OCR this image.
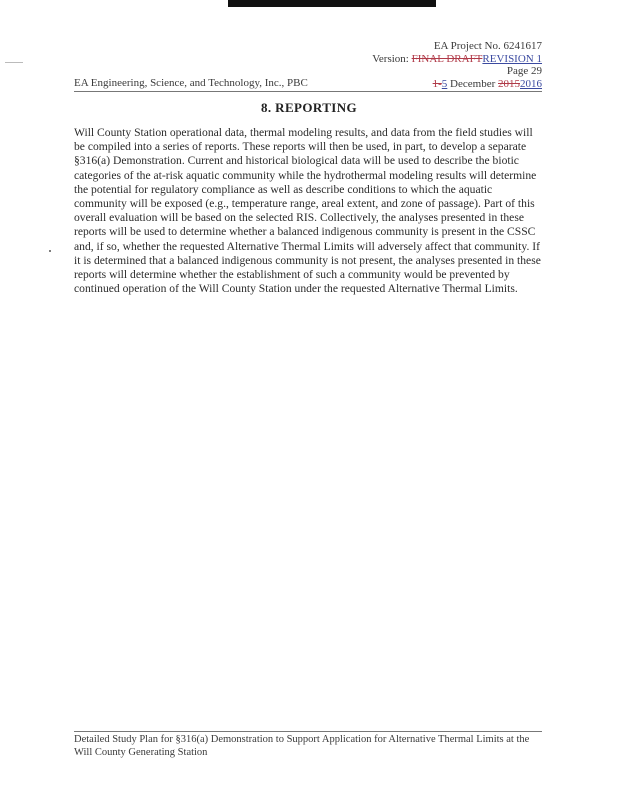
EA Project No. 6241617
Version: FINAL DRAFTREVISION 1
Page 29
1-5 December 20152016
EA Engineering, Science, and Technology, Inc., PBC
8. REPORTING

Will County Station operational data, thermal modeling results, and data from the field studies will be compiled into a series of reports. These reports will then be used, in part, to develop a separate §316(a) Demonstration. Current and historical biological data will be used to describe the biotic categories of the at-risk aquatic community while the hydrothermal modeling results will determine the potential for regulatory compliance as well as describe conditions to which the aquatic community will be exposed (e.g., temperature range, areal extent, and zone of passage). Part of this overall evaluation will be based on the selected RIS. Collectively, the analyses presented in these reports will be used to determine whether a balanced indigenous community is present in the CSSC and, if so, whether the requested Alternative Thermal Limits will adversely affect that community. If it is determined that a balanced indigenous community is not present, the analyses presented in these reports will determine whether the establishment of such a community would be prevented by continued operation of the Will County Station under the requested Alternative Thermal Limits.

Detailed Study Plan for §316(a) Demonstration to Support Application for Alternative Thermal Limits at the Will County Generating Station
